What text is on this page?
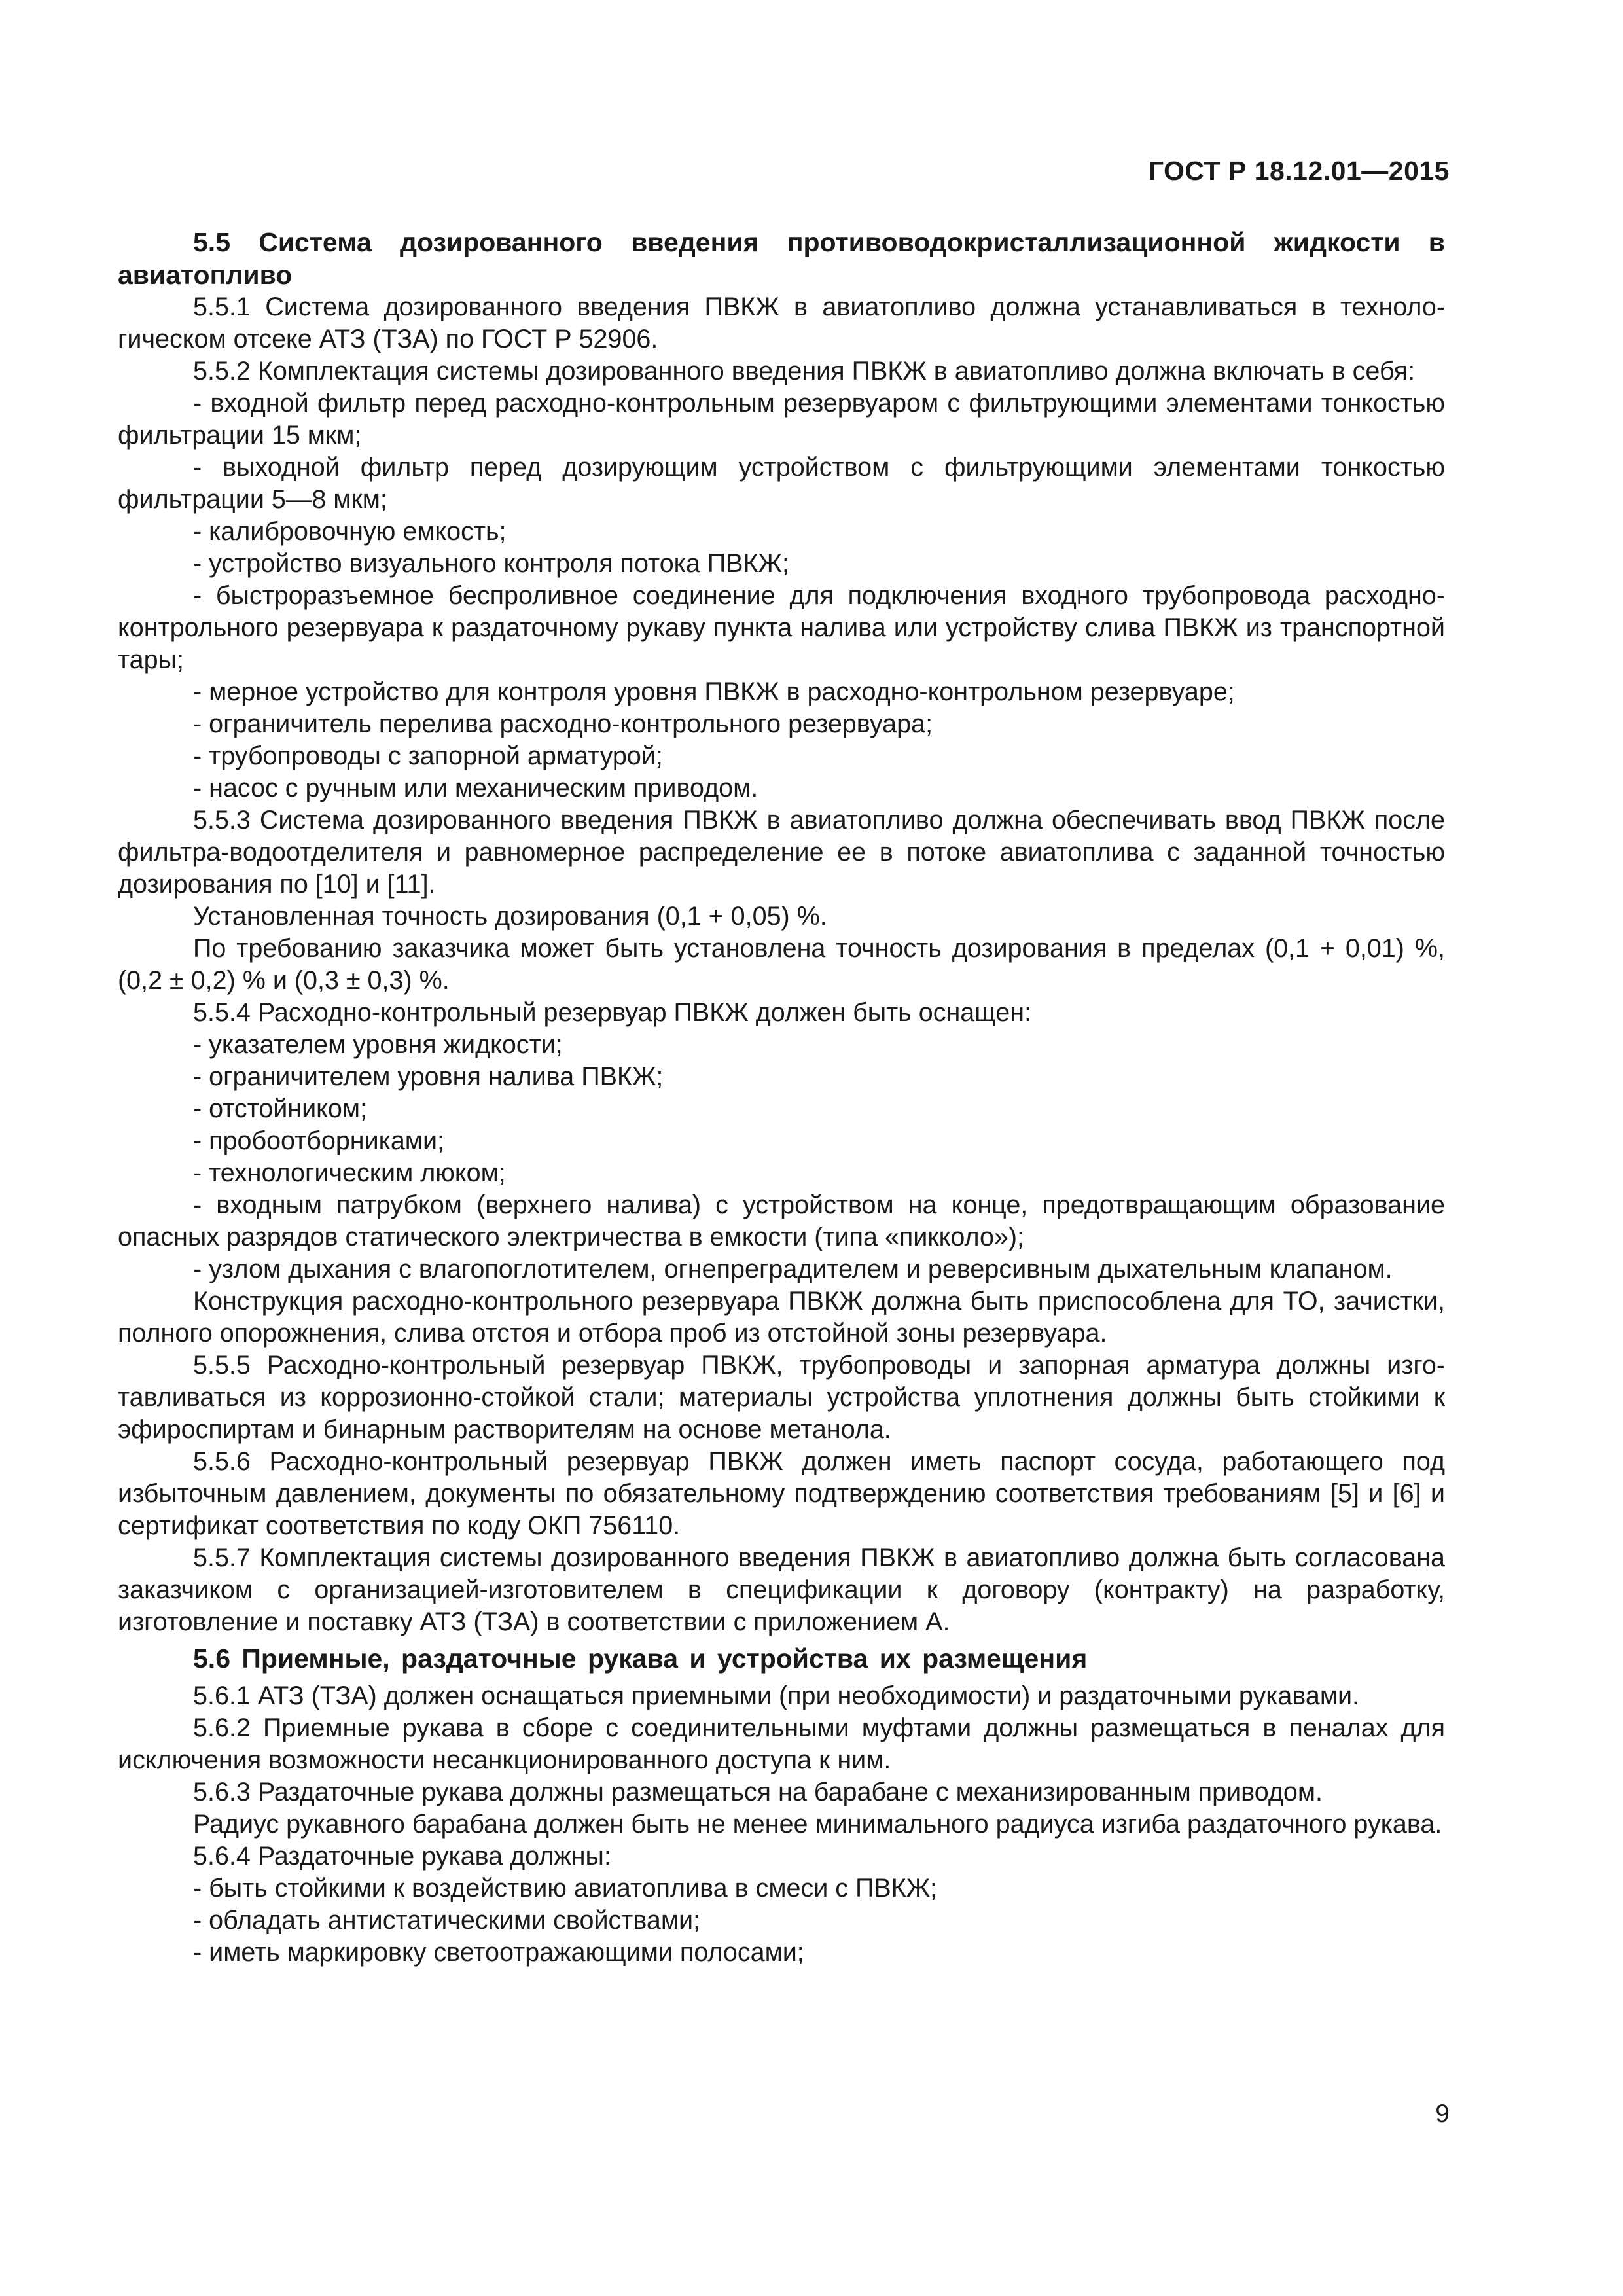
ГОСТ Р 18.12.01—2015
5.5 Система дозированного введения противоводокристаллизационной жидкости в авиатопливо

5.5.1 Система дозированного введения ПВКЖ в авиатопливо должна устанавливаться в технологическом отсеке АТЗ (ТЗА) по ГОСТ Р 52906.

5.5.2 Комплектация системы дозированного введения ПВКЖ в авиатопливо должна включать в себя:

- входной фильтр перед расходно-контрольным резервуаром с фильтрующими элементами тонкостью фильтрации 15 мкм;

- выходной фильтр перед дозирующим устройством с фильтрующими элементами тонкостью фильтрации 5—8 мкм;

- калибровочную емкость;

- устройство визуального контроля потока ПВКЖ;

- быстроразъемное беспроливное соединение для подключения входного трубопровода расходно-контрольного резервуара к раздаточному рукаву пункта налива или устройству слива ПВКЖ из транспортной тары;

- мерное устройство для контроля уровня ПВКЖ в расходно-контрольном резервуаре;

- ограничитель перелива расходно-контрольного резервуара;

- трубопроводы с запорной арматурой;

- насос с ручным или механическим приводом.

5.5.3 Система дозированного введения ПВКЖ в авиатопливо должна обеспечивать ввод ПВКЖ после фильтра-водоотделителя и равномерное распределение ее в потоке авиатоплива с заданной точностью дозирования по [10] и [11].

Установленная точность дозирования (0,1 + 0,05) %.

По требованию заказчика может быть установлена точность дозирования в пределах (0,1 + 0,01) %, (0,2 ± 0,2) % и (0,3 ± 0,3) %.

5.5.4 Расходно-контрольный резервуар ПВКЖ должен быть оснащен:

- указателем уровня жидкости;

- ограничителем уровня налива ПВКЖ;

- отстойником;

- пробоотборниками;

- технологическим люком;

- входным патрубком (верхнего налива) с устройством на конце, предотвращающим образование опасных разрядов статического электричества в емкости (типа «пикколо»);

- узлом дыхания с влагопоглотителем, огнепреградителем и реверсивным дыхательным клапаном.

Конструкция расходно-контрольного резервуара ПВКЖ должна быть приспособлена для ТО, зачистки, полного опорожнения, слива отстоя и отбора проб из отстойной зоны резервуара.

5.5.5 Расходно-контрольный резервуар ПВКЖ, трубопроводы и запорная арматура должны изготавливаться из коррозионно-стойкой стали; материалы устройства уплотнения должны быть стойкими к эфироспиртам и бинарным растворителям на основе метанола.

5.5.6 Расходно-контрольный резервуар ПВКЖ должен иметь паспорт сосуда, работающего под избыточным давлением, документы по обязательному подтверждению соответствия требованиям [5] и [6] и сертификат соответствия по коду ОКП 756110.

5.5.7 Комплектация системы дозированного введения ПВКЖ в авиатопливо должна быть согласована заказчиком с организацией-изготовителем в спецификации к договору (контракту) на разработку, изготовление и поставку АТЗ (ТЗА) в соответствии с приложением А.

5.6 Приемные, раздаточные рукава и устройства их размещения

5.6.1 АТЗ (ТЗА) должен оснащаться приемными (при необходимости) и раздаточными рукавами.

5.6.2 Приемные рукава в сборе с соединительными муфтами должны размещаться в пеналах для исключения возможности несанкционированного доступа к ним.

5.6.3 Раздаточные рукава должны размещаться на барабане с механизированным приводом.

Радиус рукавного барабана должен быть не менее минимального радиуса изгиба раздаточного рукава.

5.6.4 Раздаточные рукава должны:

- быть стойкими к воздействию авиатоплива в смеси с ПВКЖ;

- обладать антистатическими свойствами;

- иметь маркировку светоотражающими полосами;

9
